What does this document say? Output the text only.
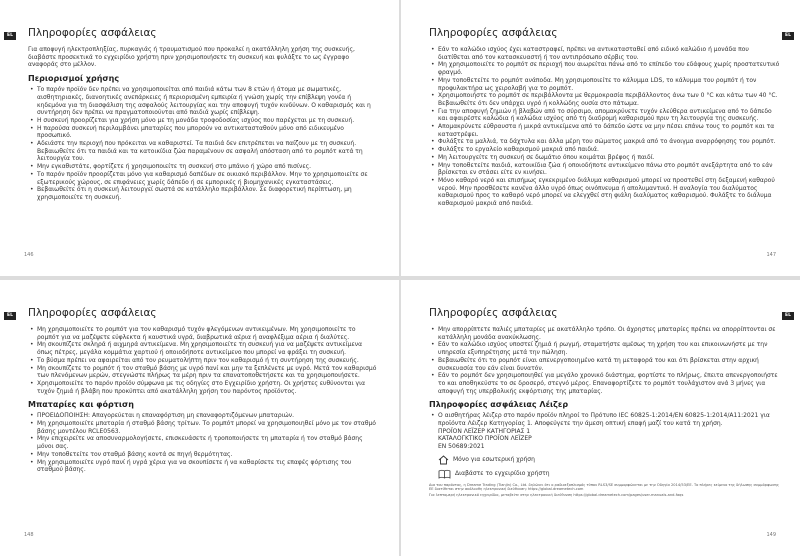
EL Πληροφορίες ασφάλειας

Για αποφυγή ηλεκτροπληξίας, πυρκαγιάς ή τραυματισμού που προκαλεί η ακατάλληλη χρήση της συσκευής, διαβάστε προσεκτικά το εγχειρίδιο χρήστη πριν χρησιμοποιήσετε τη συσκευή και φυλάξτε το ως έγγραφο αναφοράς στο μέλλον.

Περιορισμοί χρήσης
• Το παρόν προϊόν δεν πρέπει να χρησιμοποιείται από παιδιά κάτω των 8 ετών ή άτομα με σωματικές, αισθητηριακές, διανοητικές ανεπάρκειες ή περιορισμένη εμπειρία ή γνώση χωρίς την επίβλεψη γονέα ή κηδεμόνα για τη διασφάλιση της ασφαλούς λειτουργίας και την αποφυγή τυχόν κινδύνων. Ο καθαρισμός και η συντήρηση δεν πρέπει να πραγματοποιούνται από παιδιά χωρίς επίβλεψη.
• Η συσκευή προορίζεται για χρήση μόνο με τη μονάδα τροφοδοσίας ισχύος που παρέχεται με τη συσκευή.
• Η παρούσα συσκευή περιλαμβάνει μπαταρίες που μπορούν να αντικατασταθούν μόνο από ειδικευμένο προσωπικό.
• Αδειάστε την περιοχή που πρόκειται να καθαριστεί. Τα παιδιά δεν επιτρέπεται να παίζουν με τη συσκευή. Βεβαιωθείτε ότι τα παιδιά και τα κατοικίδια ζώα παραμένουν σε ασφαλή απόσταση από το ρομπότ κατά τη λειτουργία του.
• Μην εγκαθιστάτε, φορτίζετε ή χρησιμοποιείτε τη συσκευή στο μπάνιο ή χώρο από πισίνες.
• Το παρόν προϊόν προορίζεται μόνο για καθαρισμό δαπέδων σε οικιακό περιβάλλον. Μην το χρησιμοποιείτε σε εξωτερικούς χώρους, σε επιφάνειες χωρίς δάπεδο ή σε εμπορικές ή βιομηχανικές εγκαταστάσεις.
• Βεβαιωθείτε ότι η συσκευή λειτουργεί σωστά σε κατάλληλο περιβάλλον. Σε διαφορετική περίπτωση, μη χρησιμοποιείτε τη συσκευή.
146
EL
Πληροφορίες ασφάλειας
• Εάν το καλώδιο ισχύος έχει καταστραφεί, πρέπει να αντικατασταθεί από ειδικό καλώδιο ή μονάδα που διατίθεται από τον κατασκευαστή ή τον αντιπρόσωπο σέρβις του.
• Μη χρησιμοποιείτε το ρομπότ σε περιοχή που αιωρείται πάνω από το επίπεδο του εδάφους χωρίς προστατευτικό φραγμό.
• Μην τοποθετείτε το ρομπότ ανάποδα. Μη χρησιμοποιείτε το κάλυμμα LDS, το κάλυμμα του ρομπότ ή τον προφυλακτήρα ως χειρολαβή για το ρομπότ.
• Χρησιμοποιήστε το ρομπότ σε περιβάλλοντα με θερμοκρασία περιβάλλοντος άνω των 0 °C και κάτω των 40 °C. Βεβαιωθείτε ότι δεν υπάρχει υγρό ή κολλώδης ουσία στο πάτωμα.
• Για την αποφυγή ζημιών ή βλαβών από το σύρσιμο, απομακρύνετε τυχόν ελεύθερα αντικείμενα από το δάπεδο και αφαιρέστε καλώδια ή καλώδια ισχύος από τη διαδρομή καθαρισμού πριν τη λειτουργία της συσκευής.
• Απομακρύνετε εύθραυστα ή μικρά αντικείμενα από το δάπεδο ώστε να μην πέσει επάνω τους το ρομπότ και τα καταστρέψει.
• Φυλάξτε τα μαλλιά, τα δάχτυλα και άλλα μέρη του σώματος μακριά από το άνοιγμα αναρρόφησης του ρομπότ.
• Φυλάξτε το εργαλείο καθαρισμού μακριά από παιδιά.
• Μη λειτουργείτε τη συσκευή σε δωμάτιο όπου κοιμάται βρέφος ή παιδί.
• Μην τοποθετείτε παιδιά, κατοικίδια ζώα ή οποιοδήποτε αντικείμενο πάνω στο ρομπότ ανεξάρτητα από το εάν βρίσκεται εν στάσει είτε εν κινήσει.
• Μόνο καθαρό νερό και επισήμως εγκεκριμένο διάλυμα καθαρισμού μπορεί να προστεθεί στη δεξαμενή καθαρού νερού. Μην προσθέσετε κανένα άλλο υγρό όπως οινόπνευμα ή απολυμαντικό. Η αναλογία του διαλύματος καθαρισμού προς το καθαρό νερό μπορεί να ελεγχθεί στη φιάλη διαλύματος καθαρισμού. Φυλάξτε το διάλυμα καθαρισμού μακριά από παιδιά.
147
EL Πληροφορίες ασφάλειας
• Μη χρησιμοποιείτε το ρομπότ για τον καθαρισμό τυχόν φλεγόμενων αντικειμένων. Μη χρησιμοποιείτε το ρομπότ για να μαζέψετε εύφλεκτα ή καυστικά υγρά, διαβρωτικά αέρια ή αναφλέξιμα αέρια ή διαλύτες.
• Μη σκουπίζετε σκληρά ή αιχμηρά αντικείμενα. Μη χρησιμοποιείτε τη συσκευή για να μαζέψετε αντικείμενα όπως πέτρες, μεγάλα κομμάτια χαρτιού ή οποιοδήποτε αντικείμενο που μπορεί να φράξει τη συσκευή.
• Το βύσμα πρέπει να αφαιρείται από τον ρευματολήπτη πριν τον καθαρισμό ή τη συντήρηση της συσκευής.
• Μη σκουπίζετε το ρομπότ ή τον σταθμό βάσης με υγρό πανί και μην τα ξεπλένετε με υγρό. Μετά τον καθαρισμό των πλενόμενων μερών, στεγνώστε πλήρως τα μέρη πριν τα επανατοποθετήσετε και τα χρησιμοποιήσετε.
• Χρησιμοποιείτε το παρόν προϊόν σύμφωνα με τις οδηγίες στο Εγχειρίδιο χρήστη. Οι χρήστες ευθύνονται για τυχόν ζημιά ή βλάβη που προκύπτει από ακατάλληλη χρήση του παρόντος προϊόντος.
Μπαταρίες και φόρτιση
• ΠΡΟΕΙΔΟΠΟΙΗΣΗ: Απαγορεύεται η επαναφόρτιση μη επαναφορτιζόμενων μπαταριών.
• Μη χρησιμοποιείτε μπαταρία ή σταθμό βάσης τρίτων. Το ρομπότ μπορεί να χρησιμοποιηθεί μόνο με τον σταθμό βάσης μοντέλου RCLE0563.
• Μην επιχειρείτε να αποσυναρμολογήσετε, επισκευάσετε ή τροποποιήσετε τη μπαταρία ή τον σταθμό βάσης μόνοι σας.
• Μην τοποθετείτε τον σταθμό βάσης κοντά σε πηγή θερμότητας.
• Μη χρησιμοποιείτε υγρό πανί ή υγρά χέρια για να σκουπίσετε ή να καθαρίσετε τις επαφές φόρτισης του σταθμού βάσης.
148
EL
Πληροφορίες ασφάλειας
• Μην απορρίπτετε παλιές μπαταρίες με ακατάλληλο τρόπο. Οι άχρηστες μπαταρίες πρέπει να απορρίπτονται σε κατάλληλη μονάδα ανακύκλωσης.
• Εάν το καλώδιο ισχύος υποστεί ζημιά ή ρωγμή, σταματήστε αμέσως τη χρήση του και επικοινωνήστε με την υπηρεσία εξυπηρέτησης μετά την πώληση.
• Βεβαιωθείτε ότι το ρομπότ είναι απενεργοποιημένο κατά τη μεταφορά του και ότι βρίσκεται στην αρχική συσκευασία του εάν είναι δυνατόν.
• Εάν το ρομπότ δεν χρησιμοποιηθεί για μεγάλο χρονικό διάστημα, φορτίστε το πλήρως, έπειτα απενεργοποιήστε το και αποθηκεύστε το σε δροσερό, στεγνό μέρος. Επαναφορτίζετε το ρομπότ τουλάχιστον ανά 3 μήνες για αποφυγή της υπερβολικής εκφόρτισης της μπαταρίας.
Πληροφορίες ασφάλειας Λέιζερ
• Ο αισθητήρας λέιζερ στο παρόν προϊόν πληροί το Πρότυπο IEC 60825-1:2014/EN 60825-1:2014/A11:2021 για προϊόντα Λέιζερ Κατηγορίας 1. Αποφεύγετε την άμεση οπτική επαφή μαζί του κατά τη χρήση.

ΠΡΟΪΟΝ ΛΕΪΖΕΡ ΚΑΤΗΓΟΡΙΑΣ 1

KATAΛΟΓΚΤΙΚΟ ΠΡΟΪΟΝ ΛΕΪΖΕΡ

EN 50689:2021

Μόνο για εσωτερική χρήση
Διαβάστε το εγχειρίδιο χρήστη
Δια του παρόντος, η Dreame Trading (Tianjin) Co., Ltd. δηλώνει ότι ο ραδιοεξοπλισμός τύπου RLS3/SE συμμορφώνεται με την Οδηγία 2014/53/ΕΕ. Το πλήρες κείμενο της δήλωσης συμμόρφωσης ΕΕ διατίθεται στην ακόλουθη ηλεκτρονική διεύθυνση: https://global.dreametech.com
Για λεπτομερή ηλεκτρονικό εγχειρίδιο, μεταβείτε στην ηλεκτρονική διεύθυνση https://global.dreametech.com/pages/user-manuals-and-faqs
149
